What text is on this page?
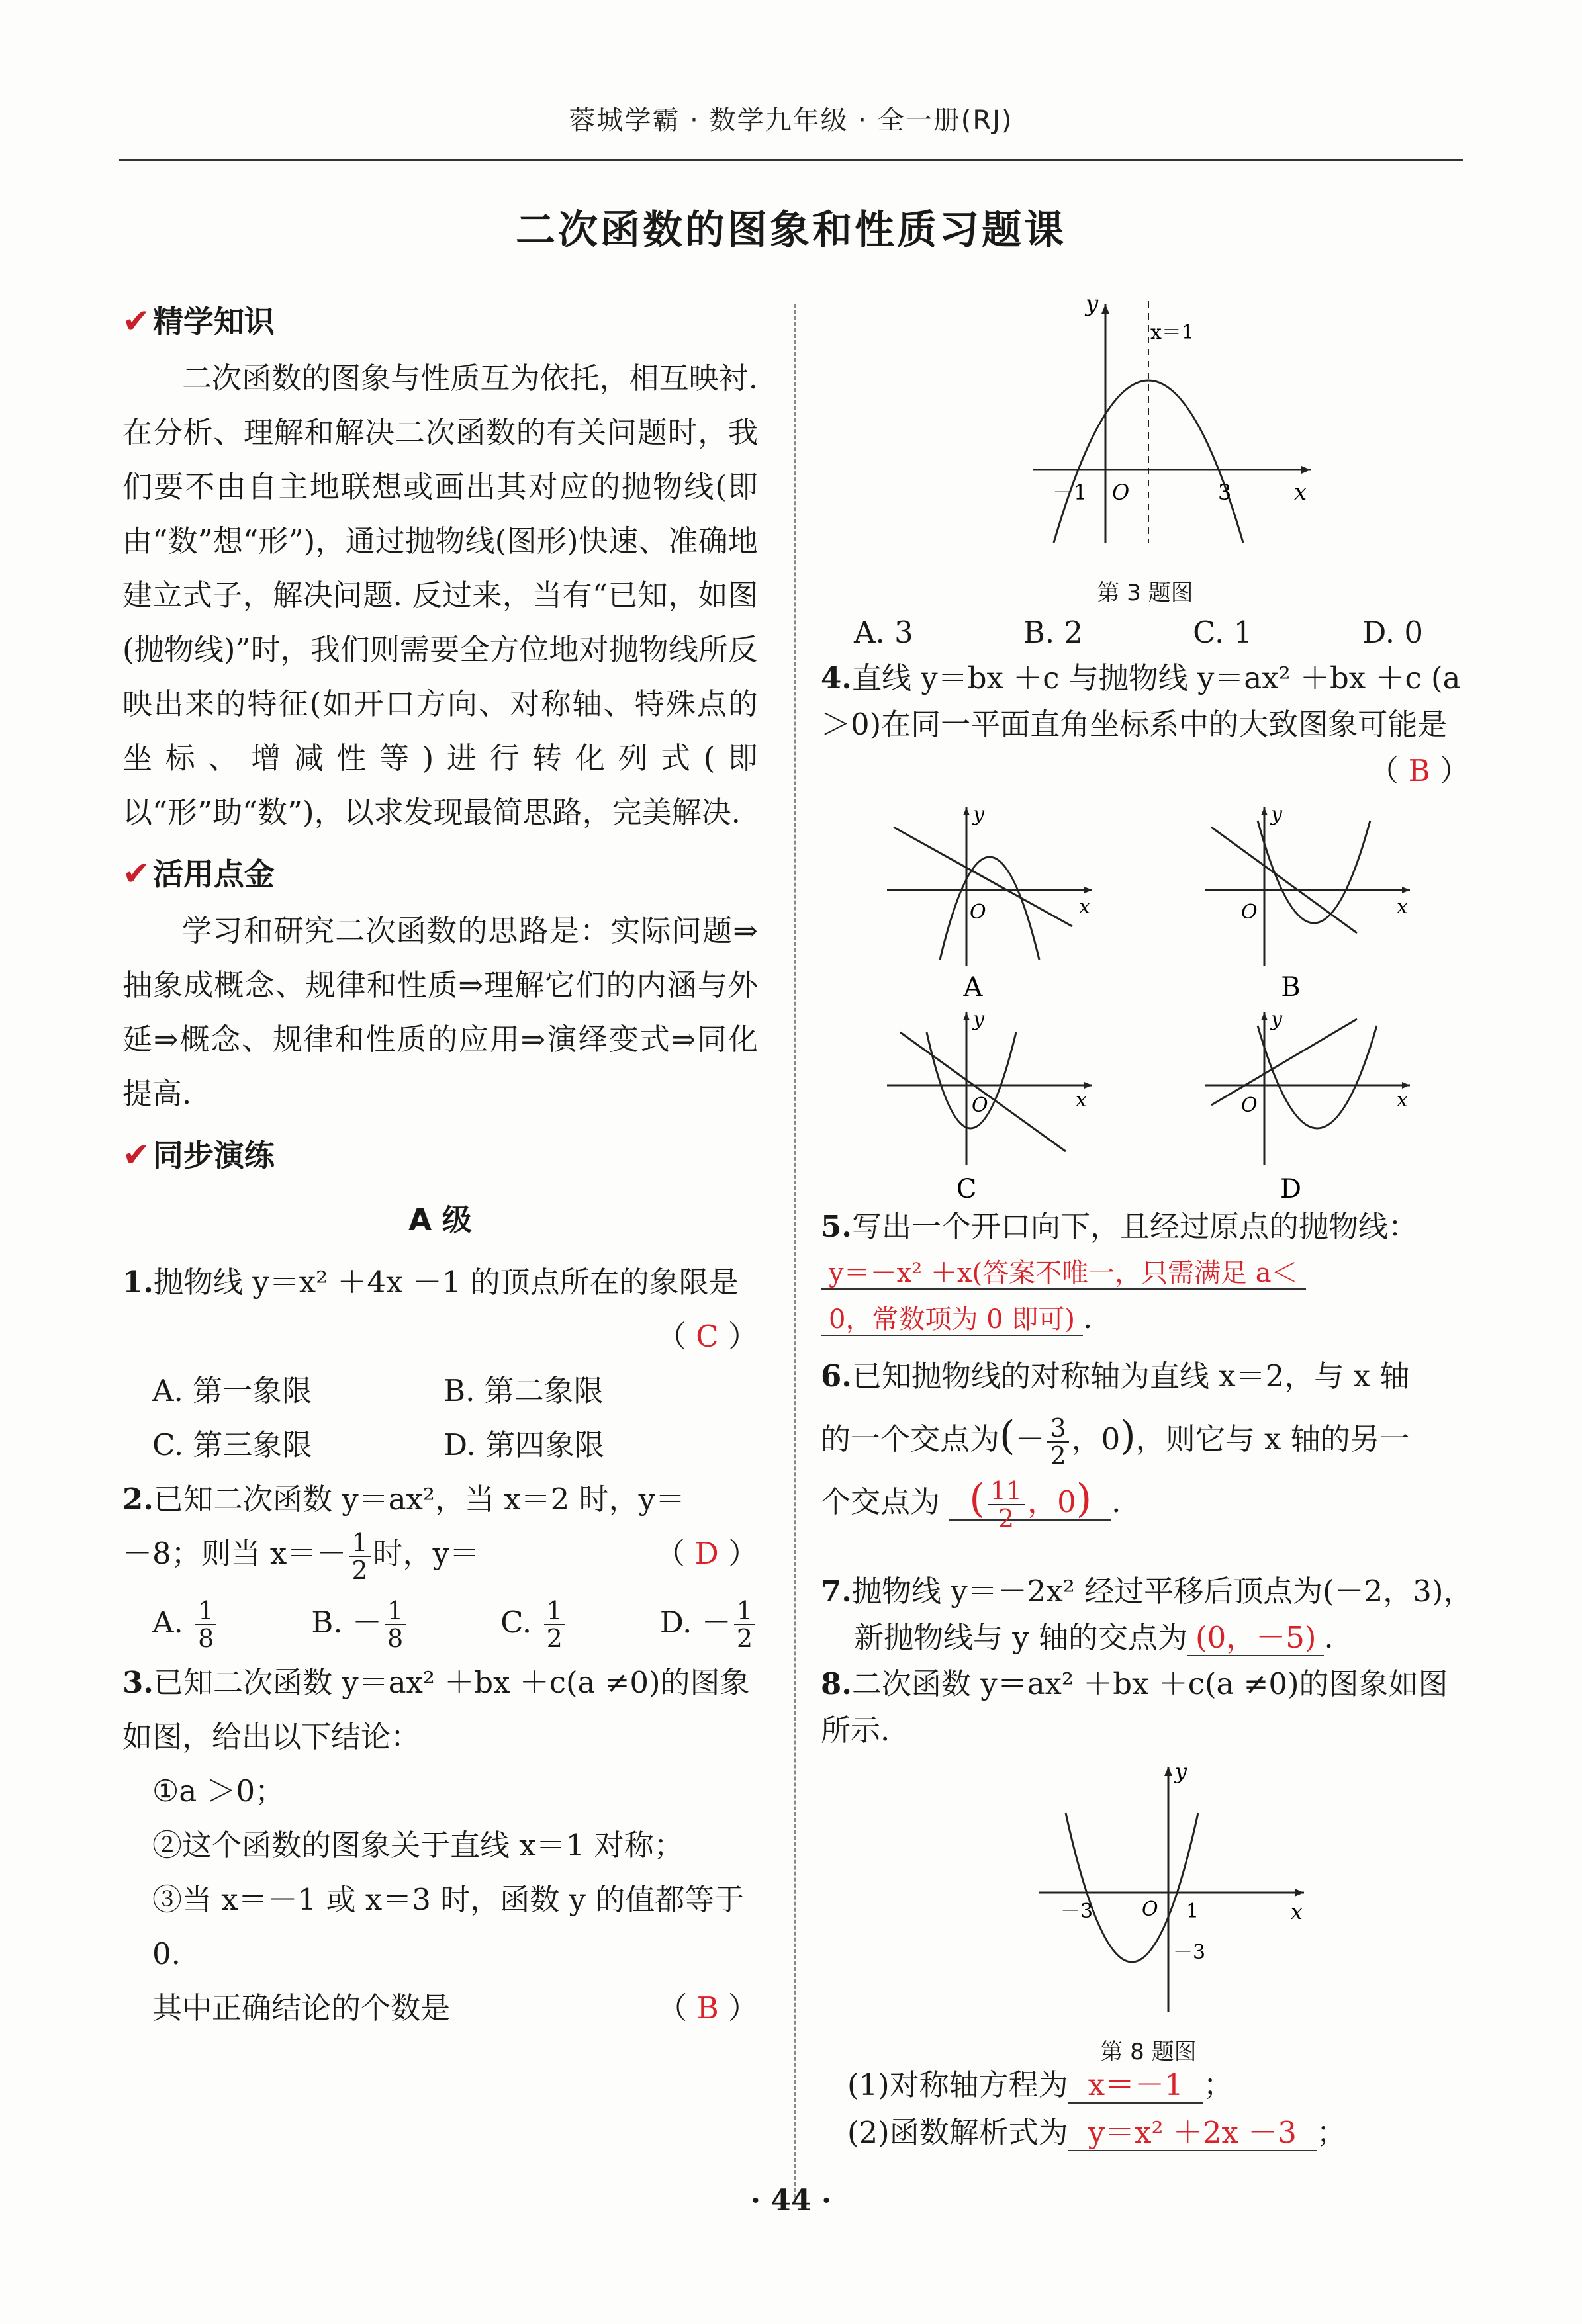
蓉城学霸 · 数学九年级 · 全一册(RJ)
二次函数的图象和性质习题课
✔精学知识

二次函数的图象与性质互为依托，相互映衬. 在分析、理解和解决二次函数的有关问题时，我们要不由自主地联想或画出其对应的抛物线(即由“数”想“形”)，通过抛物线(图形)快速、准确地建立式子，解决问题. 反过来，当有“已知，如图(抛物线)”时，我们则需要全方位地对抛物线所反映出来的特征(如开口方向、对称轴、特殊点的坐标、增减性等)进行转化列式(即以“形”助“数”)，以求发现最简思路，完美解决.

✔活用点金

学习和研究二次函数的思路是：实际问题⇒抽象成概念、规律和性质⇒理解它们的内涵与外延⇒概念、规律和性质的应用⇒演绎变式⇒同化提高.

✔同步演练
A 级
1.抛物线 y＝x² ＋4x －1 的顶点所在的象限是

（ C ）

A. 第一象限	B. 第二象限
C. 第三象限	D. 第四象限
2.已知二次函数 y＝ax²，当 x＝2 时，y＝
－8；则当 $x=- \frac{1}{2}$ 时，y＝	（ D ）
A. $\frac{1}{8}$	B. － $\frac{1}{8}$	C. $\frac{1}{2}$	D. － $\frac{1}{2}$
3.已知二次函数 y＝ax² ＋bx ＋c(a ≠0)的图象如图，给出以下结论：
①a ＞0；
②这个函数的图象关于直线 x＝1 对称；
③当 x＝－1 或 x＝3 时，函数 y 的值都等于0.
其中正确结论的个数是	（ B ）
y
x
O
x＝1
－1	3
第 3 题图
A. 3	B. 2	C. 1	D. 0
4.直线 y＝bx ＋c 与抛物线 y＝ax² ＋bx ＋c (a ＞0)在同一平面直角坐标系中的大致图象可能是
（ B ）
y
x
O
A
y
x
O
B
y
x
O
C
y
x
O
D
5.写出一个开口向下，且经过原点的抛物线：
y＝－x² ＋x(答案不唯一，只需满足 a＜
0，常数项为 0 即可) .
6.已知抛物线的对称轴为直线 x＝2，与 x 轴
的一个交点为(－ $\frac{3}{2}$ ，0)，则它与 x 轴的另一
个交点为 ( $\frac{11}{2}$ ，0) .
7.抛物线 y＝－2x² 经过平移后顶点为(－2，3)，
新抛物线与 y 轴的交点为 (0，－5) .
8.二次函数 y＝ax² ＋bx ＋c(a ≠0)的图象如图所示.
y
x
O
－3	1
－3
第 8 题图
(1)对称轴方程为 x＝－1 ；
(2)函数解析式为 y＝x² ＋2x －3 ；
· 44 ·
